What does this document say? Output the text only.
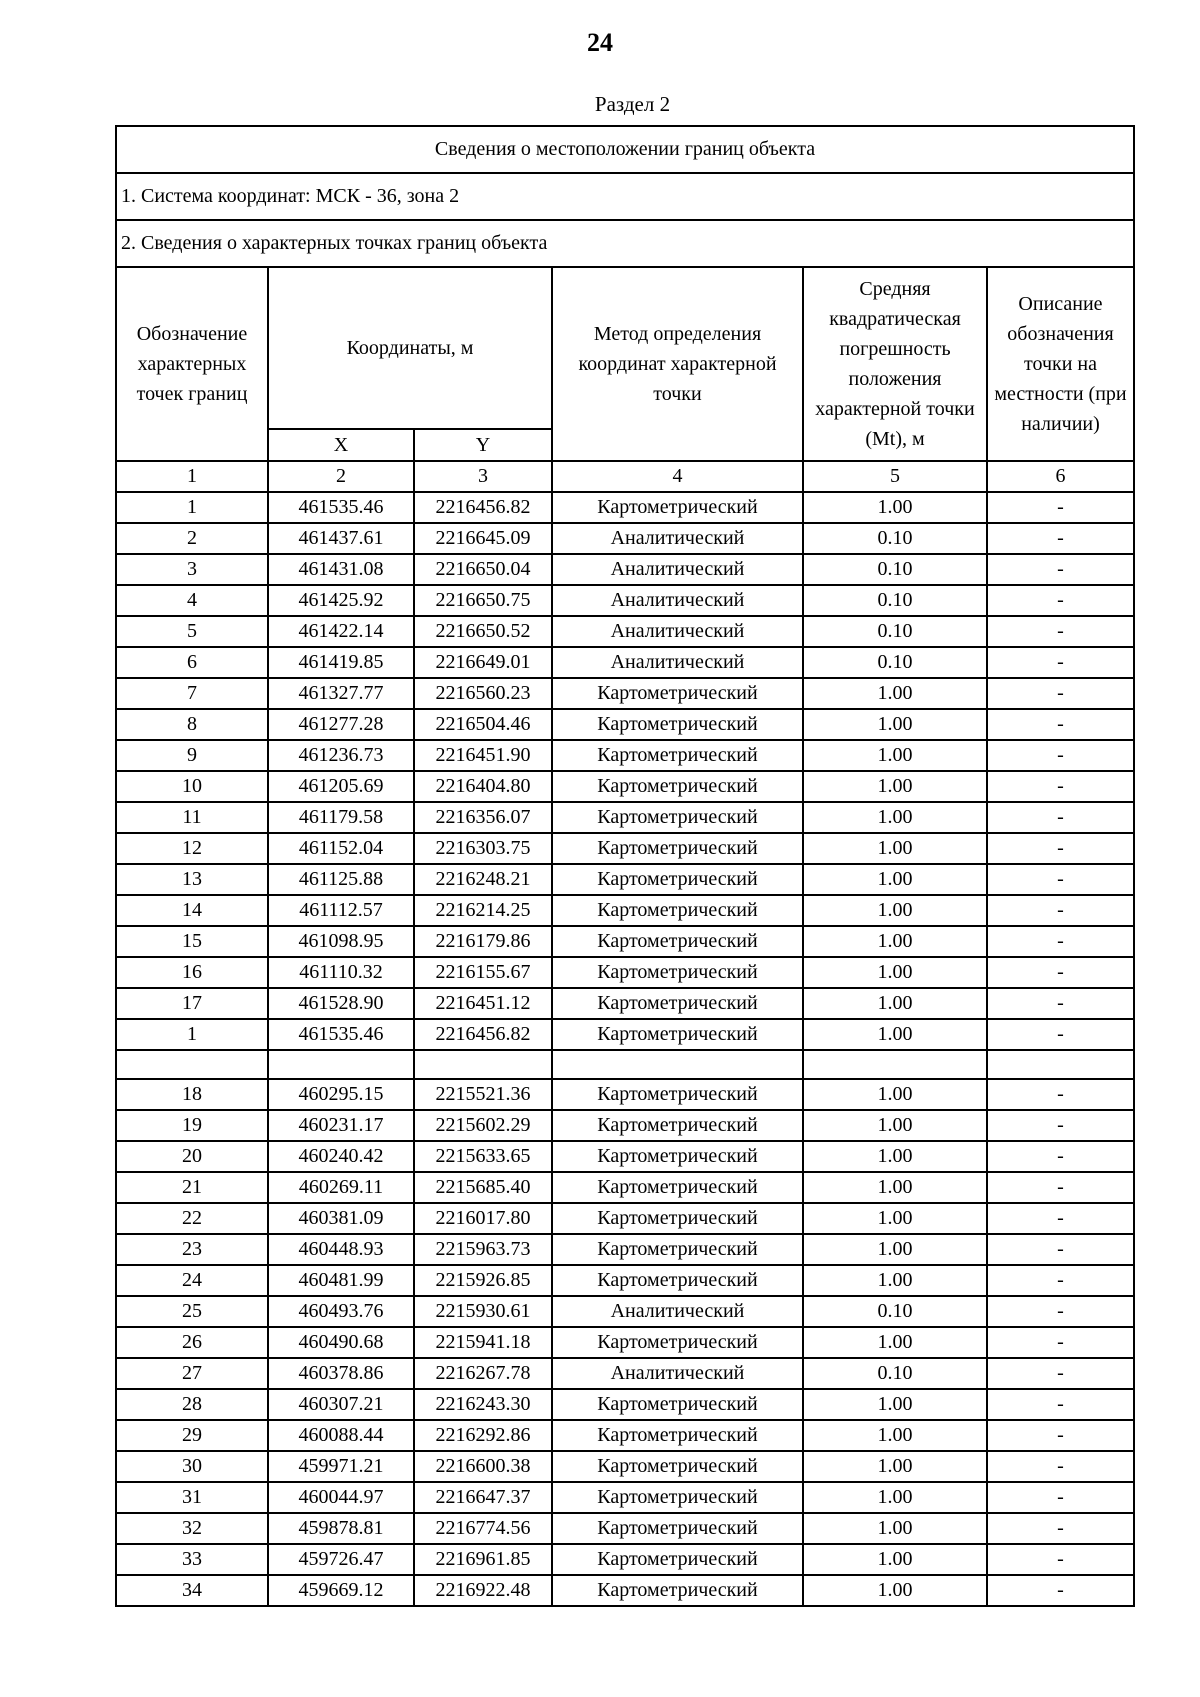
24
Раздел 2
Сведения о местоположении границ объекта					
1. Система координат: МСК - 36, зона 2					
2. Сведения о характерных точках границ объекта					
Обозначение характерных точек границ	Координаты, м		Метод определения координат характерной точки	Средняя квадратическая погрешность положения характерной точки (Mt), м	Описание обозначения точки на местности (при наличии)
	X	Y			
1	2	3	4	5	6
1	461535.46	2216456.82	Картометрический	1.00	-
2	461437.61	2216645.09	Аналитический	0.10	-
3	461431.08	2216650.04	Аналитический	0.10	-
4	461425.92	2216650.75	Аналитический	0.10	-
5	461422.14	2216650.52	Аналитический	0.10	-
6	461419.85	2216649.01	Аналитический	0.10	-
7	461327.77	2216560.23	Картометрический	1.00	-
8	461277.28	2216504.46	Картометрический	1.00	-
9	461236.73	2216451.90	Картометрический	1.00	-
10	461205.69	2216404.80	Картометрический	1.00	-
11	461179.58	2216356.07	Картометрический	1.00	-
12	461152.04	2216303.75	Картометрический	1.00	-
13	461125.88	2216248.21	Картометрический	1.00	-
14	461112.57	2216214.25	Картометрический	1.00	-
15	461098.95	2216179.86	Картометрический	1.00	-
16	461110.32	2216155.67	Картометрический	1.00	-
17	461528.90	2216451.12	Картометрический	1.00	-
1	461535.46	2216456.82	Картометрический	1.00	-

18	460295.15	2215521.36	Картометрический	1.00	-
19	460231.17	2215602.29	Картометрический	1.00	-
20	460240.42	2215633.65	Картометрический	1.00	-
21	460269.11	2215685.40	Картометрический	1.00	-
22	460381.09	2216017.80	Картометрический	1.00	-
23	460448.93	2215963.73	Картометрический	1.00	-
24	460481.99	2215926.85	Картометрический	1.00	-
25	460493.76	2215930.61	Аналитический	0.10	-
26	460490.68	2215941.18	Картометрический	1.00	-
27	460378.86	2216267.78	Аналитический	0.10	-
28	460307.21	2216243.30	Картометрический	1.00	-
29	460088.44	2216292.86	Картометрический	1.00	-
30	459971.21	2216600.38	Картометрический	1.00	-
31	460044.97	2216647.37	Картометрический	1.00	-
32	459878.81	2216774.56	Картометрический	1.00	-
33	459726.47	2216961.85	Картометрический	1.00	-
34	459669.12	2216922.48	Картометрический	1.00	-
